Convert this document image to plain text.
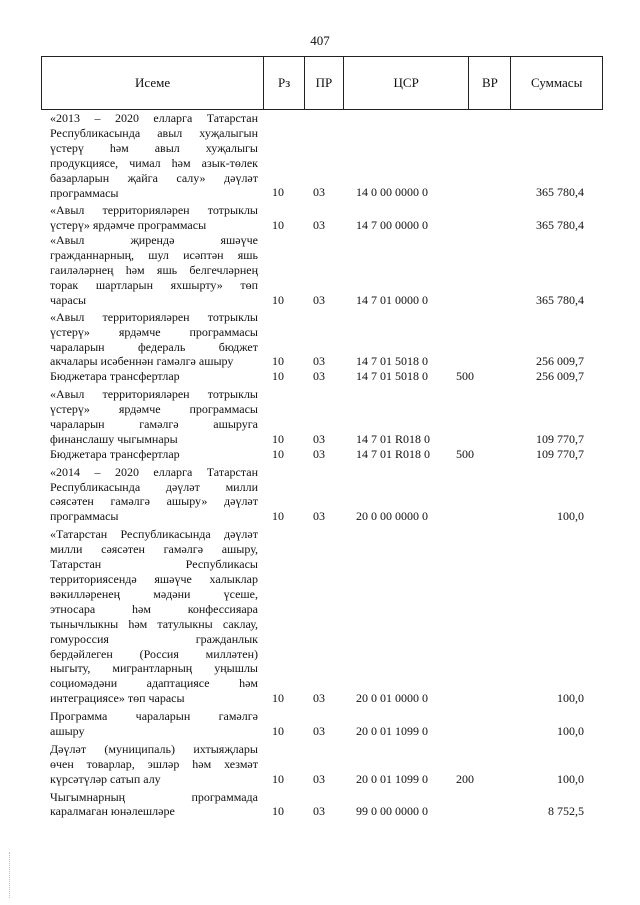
407
Исеме	Рз	ПР	ЦСР	ВР	Суммасы
«2013 – 2020 елларга Татарстан
Республикасында авыл хуҗалыгын
үстерү һәм авыл хуҗалыгы
продукциясе, чимал һәм азык-төлек
базарларын җайга салу» дәүләт
программасы	10 03	14 0 00 0000 0	365 780,4
«Авыл территорияләрен тотрыклы
үстерү» ярдәмче программасы	10 03	14 7 00 0000 0	365 780,4
«Авыл җирендә яшәүче
гражданнарның, шул исәптән яшь
гаиләләрнең һәм яшь белгечләрнең
торак шартларын яхшырту» төп
чарасы	10 03	14 7 01 0000 0	365 780,4
«Авыл территорияләрен тотрыклы
үстерү» ярдәмче программасы
чараларын федераль бюджет
акчалары исәбеннән гамәлгә ашыру	10 03	14 7 01 5018 0	256 009,7
Бюджетара трансфертлар	10 03	14 7 01 5018 0 500	256 009,7
«Авыл территорияләрен тотрыклы
үстерү» ярдәмче программасы
чараларын гамәлгә ашыруга
финанслашу чыгымнары	10 03	14 7 01 R018 0	109 770,7
Бюджетара трансфертлар	10 03	14 7 01 R018 0 500	109 770,7
«2014 – 2020 елларга Татарстан
Республикасында дәүләт милли
сәясәтен гамәлгә ашыру» дәүләт
программасы	10 03	20 0 00 0000 0	100,0
«Татарстан Республикасында дәүләт
милли сәясәтен гамәлгә ашыру,
Татарстан Республикасы
территориясендә яшәүче халыклар
вәкилләренең мәдәни үсеше,
этносара һәм конфессияара
тынычлыкны һәм татулыкны саклау,
гомуроссия гражданлык
бердәйлеген (Россия милләтен)
ныгыту, мигрантларның уңышлы
социомәдәни адаптациясе һәм
интеграциясе» төп чарасы	10 03	20 0 01 0000 0	100,0
Программа чараларын гамәлгә
ашыру	10 03	20 0 01 1099 0	100,0
Дәүләт (муниципаль) ихтыяҗлары
өчен товарлар, эшләр һәм хезмәт
күрсәтүләр сатып алу	10 03	20 0 01 1099 0 200	100,0
Чыгымнарның программада
каралмаган юнәлешләре	10 03	99 0 00 0000 0	8 752,5
